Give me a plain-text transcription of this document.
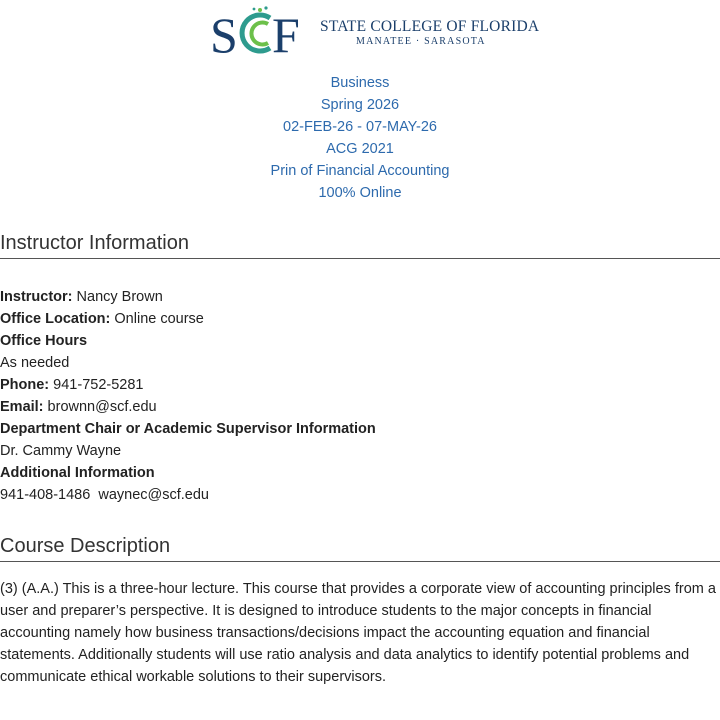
S F STATE COLLEGE OF FLORIDA
MANATEE · SARASOTA
Business
Spring 2026
02-FEB-26 - 07-MAY-26
ACG 2021
Prin of Financial Accounting
100% Online
Instructor Information
Instructor: Nancy Brown
Office Location: Online course
Office Hours
As needed
Phone: 941-752-5281
Email: brownn@scf.edu
Department Chair or Academic Supervisor Information
Dr. Cammy Wayne
Additional Information
941-408-1486  waynec@scf.edu
Course Description
(3) (A.A.) This is a three-hour lecture. This course that provides a corporate view of accounting principles from a user and preparer’s perspective. It is designed to introduce students to the major concepts in financial accounting namely how business transactions/decisions impact the accounting equation and financial statements. Additionally students will use ratio analysis and data analytics to identify potential problems and communicate ethical workable solutions to their supervisors.
